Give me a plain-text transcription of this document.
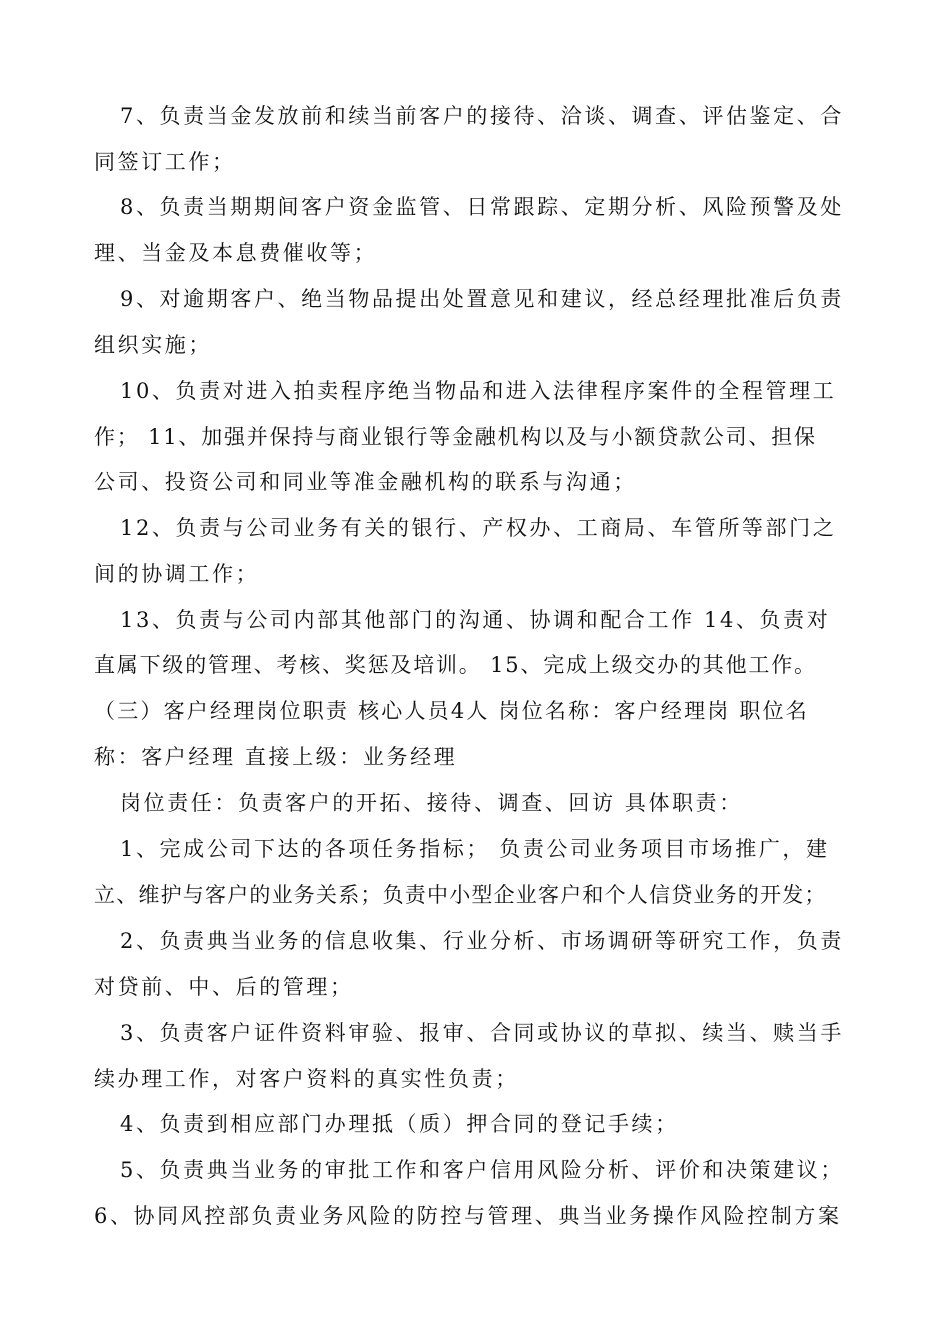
7、负责当金发放前和续当前客户的接待、洽谈、调查、评估鉴定、合

同签订工作；

8、负责当期期间客户资金监管、日常跟踪、定期分析、风险预警及处

理、当金及本息费催收等；

9、对逾期客户、绝当物品提出处置意见和建议，经总经理批准后负责

组织实施；

10、负责对进入拍卖程序绝当物品和进入法律程序案件的全程管理工

作； 11、加强并保持与商业银行等金融机构以及与小额贷款公司、担保

公司、投资公司和同业等准金融机构的联系与沟通；

12、负责与公司业务有关的银行、产权办、工商局、车管所等部门之

间的协调工作；

13、负责与公司内部其他部门的沟通、协调和配合工作 14、负责对

直属下级的管理、考核、奖惩及培训。 15、完成上级交办的其他工作。

（三）客户经理岗位职责 核心人员4人 岗位名称：客户经理岗 职位名

称：客户经理 直接上级：业务经理

岗位责任：负责客户的开拓、接待、调查、回访 具体职责：

1、完成公司下达的各项任务指标； 负责公司业务项目市场推广，建

立、维护与客户的业务关系；负责中小型企业客户和个人信贷业务的开发；

2、负责典当业务的信息收集、行业分析、市场调研等研究工作，负责

对贷前、中、后的管理；

3、负责客户证件资料审验、报审、合同或协议的草拟、续当、赎当手

续办理工作，对客户资料的真实性负责；

4、负责到相应部门办理抵（质）押合同的登记手续；

5、负责典当业务的审批工作和客户信用风险分析、评价和决策建议；

6、协同风控部负责业务风险的防控与管理、典当业务操作风险控制方案
